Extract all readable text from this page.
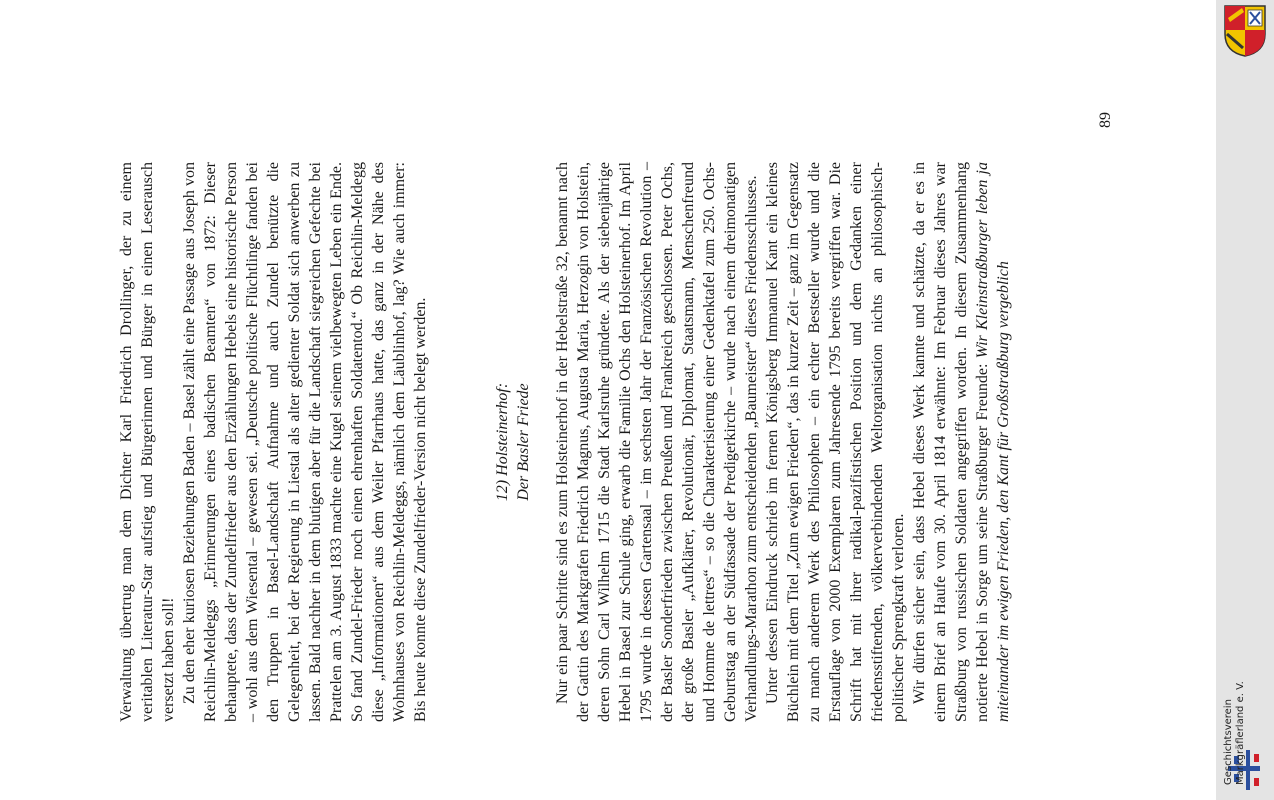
Verwaltung übertrug man dem Dichter Karl Friedrich Drollinger, der zu einem veritablen Literatur-Star aufstieg und Bürgerinnen und Bürger in einen Leserausch versetzt haben soll! Zu den eher kuriosen Beziehungen Baden – Basel zählt eine Passage aus Joseph von Reichlin-Meldeggs „Erinnerungen eines badischen Beamten“ von 1872: Dieser behauptete, dass der Zundelfrieder aus den Erzählungen Hebels eine historische Person – wohl aus dem Wiesental – gewesen sei. „Deutsche politische Flüchtlinge fanden bei den Truppen in Basel-Landschaft Aufnahme und auch Zundel benützte die Gelegenheit, bei der Regierung in Liestal als alter gedienter Soldat sich anwerben zu lassen. Bald nachher in dem blutigen aber für die Landschaft siegreichen Gefechte bei Prattelen am 3. August 1833 machte eine Kugel seinem vielbewegten Leben ein Ende. So fand Zundel-Frieder noch einen ehrenhaften Soldatentod.“ Ob Reichlin-Meldegg diese „Informationen“ aus dem Weiler Pfarrhaus hatte, das ganz in der Nähe des Wohnhauses von Reichlin-Meldeggs, nämlich dem Läublinhof, lag? Wie auch immer: Bis heute konnte diese Zundelfrieder-Version nicht belegt werden.	12) Holsteinerhof: Der Basler Friede Nur ein paar Schritte sind es zum Holsteinerhof in der Hebelstraße 32, benannt nach der Gattin des Markgrafen Friedrich Magnus, Augusta Maria, Herzogin von Holstein, deren Sohn Carl Wilhelm 1715 die Stadt Karlsruhe gründete. Als der siebenjährige Hebel in Basel zur Schule ging, erwarb die Familie Ochs den Holsteinerhof. Im April 1795 wurde in dessen Gartensaal – im sechsten Jahr der Französischen Revolution – der Basler Sonderfrieden zwischen Preußen und Frankreich geschlossen. Peter Ochs, der große Basler „Aufklärer, Revolutionär, Diplomat, Staatsmann, Menschenfreund und Homme de lettres“ – so die Charakterisierung einer Gedenktafel zum 250. Ochs-Geburtstag an der Südfassade der Predigerkirche – wurde nach einem dreimonatigen Verhandlungs-Marathon zum entscheidenden „Baumeister“ dieses Friedensschlusses. Unter dessen Eindruck schrieb im fernen Königsberg Immanuel Kant ein kleines Büchlein mit dem Titel „Zum ewigen Frieden“, das in kurzer Zeit – ganz im Gegensatz zu manch anderem Werk des Philosophen – ein echter Bestseller wurde und die Erstauflage von 2000 Exemplaren zum Jahresende 1795 bereits vergriffen war. Die Schrift hat mit ihrer radikal-pazifistischen Position und dem Gedanken einer friedensstiftenden, völkerverbindenden Weltorganisation nichts an philosophisch-politischer Sprengkraft verloren. Wir dürfen sicher sein, dass Hebel dieses Werk kannte und schätzte, da er es in einem Brief an Haufe vom 30. April 1814 erwähnte: Im Februar dieses Jahres war Straßburg von russischen Soldaten angegriffen worden. In diesem Zusammenhang notierte Hebel in Sorge um seine Straßburger Freunde: Wir Kleinstraßburger leben ja miteinander im ewigen Frieden, den Kant für Großstraßburg vergeblich

89
Geschichtsverein Markgräflerland e. V.
